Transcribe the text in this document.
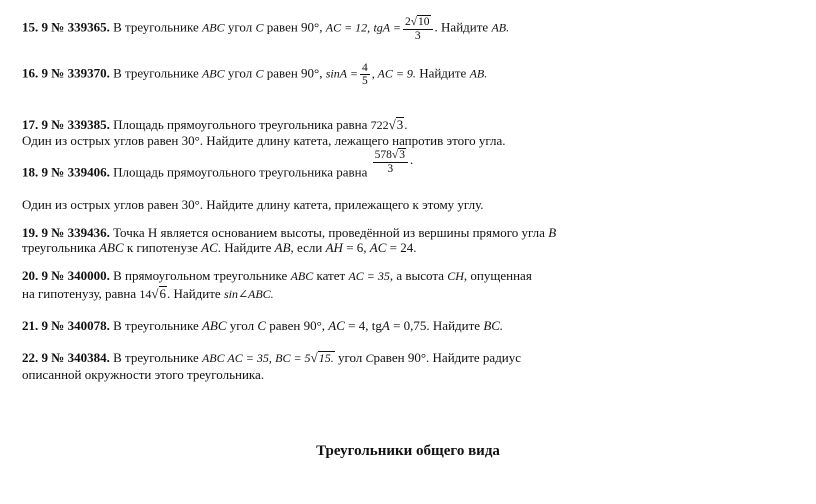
15. 9 № 339365. В треугольнике ABC угол C равен 90°, AC = 12, tgA = $\frac{2√10}{3}$ . Найдите AB.
16. 9 № 339370. В треугольнике ABC угол C равен 90°, $\sin A = \frac{4}{5}$ , AC = 9. Найдите AB.
17. 9 № 339385. Площадь прямоугольного треугольника равна 722√3.
Один из острых углов равен 30°. Найдите длину катета, лежащего напротив этого угла.
18. 9 № 339406. Площадь прямоугольного треугольника равна $\frac{578√3}{3}$ .
Один из острых углов равен 30°. Найдите длину катета, прилежащего к этому углу.
19. 9 № 339436. Точка Н является основанием высоты, проведённой из вершины прямого угла B
треугольника ABC к гипотенузе AC. Найдите AB, если AH = 6, AC = 24.
20. 9 № 340000. В прямоугольном треугольнике ABC катет AC = 35, а высота CH, опущенная
на гипотенузу, равна 14√6. Найдите sin∠ABC.
21. 9 № 340078. В треугольнике ABC угол C равен 90°, AC = 4, tgA = 0,75. Найдите BC.
22. 9 № 340384. В треугольнике ABC AC = 35, BC = 5√15. угол Cравен 90°. Найдите радиус
описанной окружности этого треугольника.
Треугольники общего вида
